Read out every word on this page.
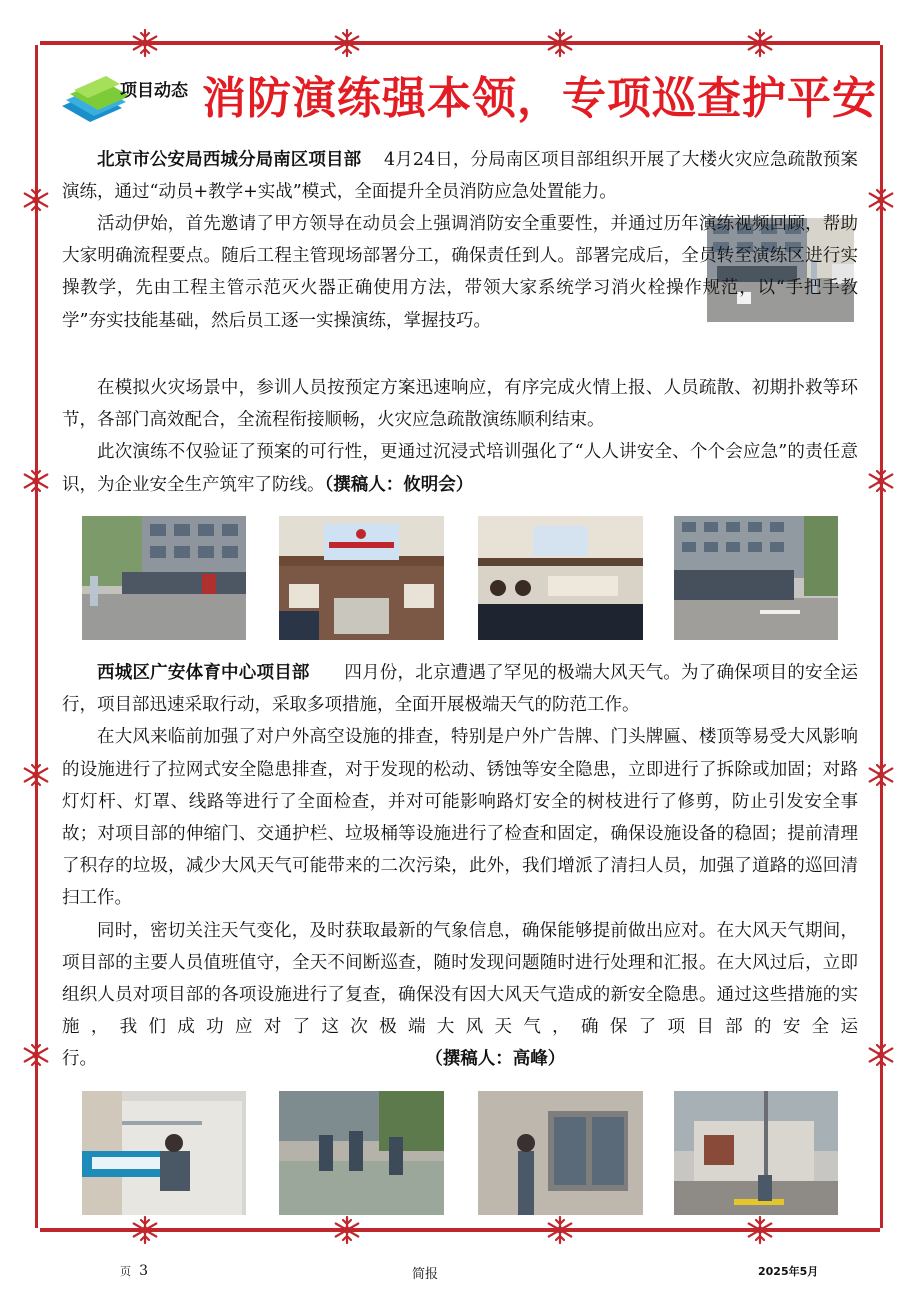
项目动态 消防演练强本领，专项巡查护平安

北京市公安局西城分局南区项目部 4月24日，分局南区项目部组织开展了大楼火灾应急疏散预案演练，通过“动员+教学+实战”模式，全面提升全员消防应急处置能力。

活动伊始，首先邀请了甲方领导在动员会上强调消防安全重要性，并通过历年演练视频回顾，帮助大家明确流程要点。随后工程主管现场部署分工，确保责任到人。部署完成后，全员转至演练区进行实操教学，先由工程主管示范灭火器正确使用方法，带领大家系统学习消火栓操作规范，以“手把手教学”夯实技能基础，然后员工逐一实操演练，掌握技巧。

在模拟火灾场景中，参训人员按预定方案迅速响应，有序完成火情上报、人员疏散、初期扑救等环节，各部门高效配合，全流程衔接顺畅，火灾应急疏散演练顺利结束。

此次演练不仅验证了预案的可行性，更通过沉浸式培训强化了“人人讲安全、个个会应急”的责任意识，为企业安全生产筑牢了防线。（撰稿人：攸明会）

西城区广安体育中心项目部 四月份，北京遭遇了罕见的极端大风天气。为了确保项目的安全运行，项目部迅速采取行动，采取多项措施，全面开展极端天气的防范工作。

在大风来临前加强了对户外高空设施的排查，特别是户外广告牌、门头牌匾、楼顶等易受大风影响的设施进行了拉网式安全隐患排查，对于发现的松动、锈蚀等安全隐患，立即进行了拆除或加固；对路灯灯杆、灯罩、线路等进行了全面检查，并对可能影响路灯安全的树枝进行了修剪，防止引发安全事故；对项目部的伸缩门、交通护栏、垃圾桶等设施进行了检查和固定，确保设施设备的稳固；提前清理了积存的垃圾，减少大风天气可能带来的二次污染，此外，我们增派了清扫人员，加强了道路的巡回清扫工作。

同时，密切关注天气变化，及时获取最新的气象信息，确保能够提前做出应对。在大风天气期间，项目部的主要人员值班值守，全天不间断巡查，随时发现问题随时进行处理和汇报。在大风过后，立即组织人员对项目部的各项设施进行了复查，确保没有因大风天气造成的新安全隐患。通过这些措施的实施，我们成功应对了这次极端大风天气，确保了项目部的安全运行。	（撰稿人：高峰）

页 3	简报	2025年5月
